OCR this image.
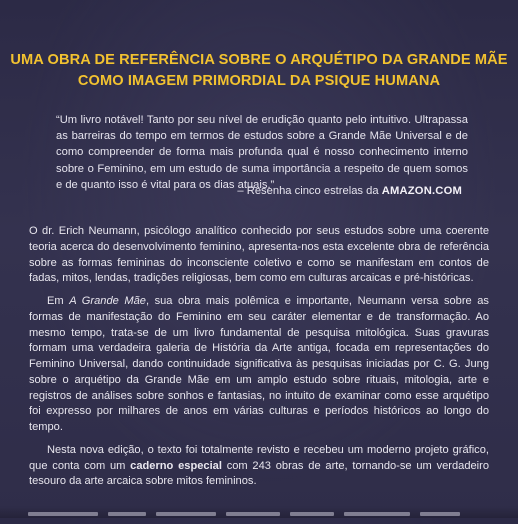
UMA OBRA DE REFERÊNCIA SOBRE O ARQUÉTIPO DA GRANDE MÃE
COMO IMAGEM PRIMORDIAL DA PSIQUE HUMANA

“Um livro notável! Tanto por seu nível de erudição quanto pelo intuitivo. Ultrapassa as barreiras do tempo em termos de estudos sobre a Grande Mãe Universal e de como compreender de forma mais profunda qual é nosso conhecimento interno sobre o Feminino, em um estudo de suma importância a respeito de quem somos e de quanto isso é vital para os dias atuais.”

– Resenha cinco estrelas da AMAZON.COM

O dr. Erich Neumann, psicólogo analítico conhecido por seus estudos sobre uma coerente teoria acerca do desenvolvimento feminino, apresenta-nos esta excelente obra de referência sobre as formas femininas do inconsciente coletivo e como se manifestam em contos de fadas, mitos, lendas, tradições religiosas, bem como em culturas arcaicas e pré-históricas.

Em A Grande Mãe, sua obra mais polêmica e importante, Neumann versa sobre as formas de manifestação do Feminino em seu caráter elementar e de transformação. Ao mesmo tempo, trata-se de um livro fundamental de pesquisa mitológica. Suas gravuras formam uma verdadeira galeria de História da Arte antiga, focada em representações do Feminino Universal, dando continuidade significativa às pesquisas iniciadas por C. G. Jung sobre o arquétipo da Grande Mãe em um amplo estudo sobre rituais, mitologia, arte e registros de análises sobre sonhos e fantasias, no intuito de examinar como esse arquétipo foi expresso por milhares de anos em várias culturas e períodos históricos ao longo do tempo.

Nesta nova edição, o texto foi totalmente revisto e recebeu um moderno projeto gráfico, que conta com um caderno especial com 243 obras de arte, tornando-se um verdadeiro tesouro da arte arcaica sobre mitos femininos.
